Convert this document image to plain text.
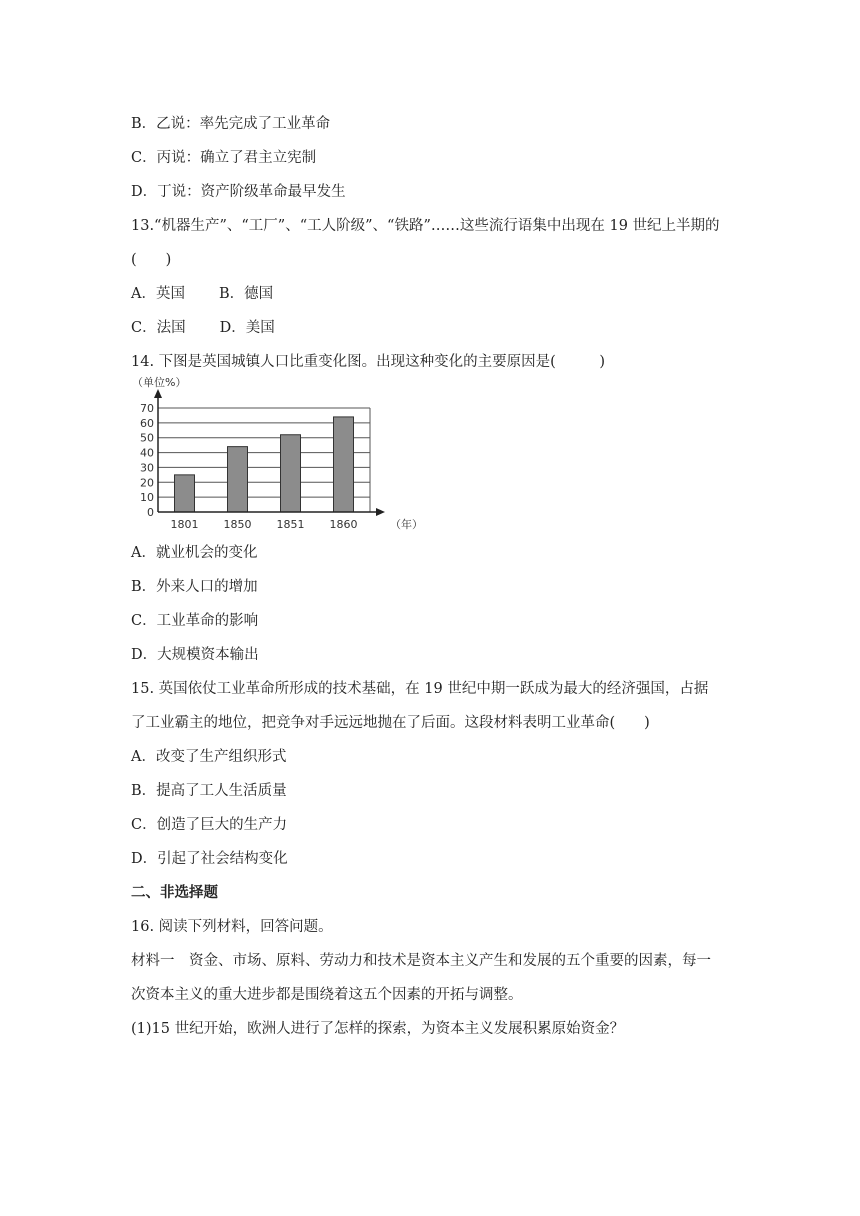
B．乙说：率先完成了工业革命
C．丙说：确立了君主立宪制
D．丁说：资产阶级革命最早发生
13.“机器生产”、“工厂”、“工人阶级”、“铁路”……这些流行语集中出现在 19 世纪上半期的
(　　)
A．英国 B．德国
C．法国 D．美国
14. 下图是英国城镇人口比重变化图。出现这种变化的主要原因是(　　　)
（单位%）
0
10
20
30
40
50
60
70
1801 1850 1851 1860	（年）
A．就业机会的变化
B．外来人口的增加
C．工业革命的影响
D．大规模资本输出
15. 英国依仗工业革命所形成的技术基础，在 19 世纪中期一跃成为最大的经济强国，占据
了工业霸主的地位，把竞争对手远远地抛在了后面。这段材料表明工业革命(　　)
A．改变了生产组织形式
B．提高了工人生活质量
C．创造了巨大的生产力
D．引起了社会结构变化
二、非选择题
16. 阅读下列材料，回答问题。
材料一　资金、市场、原料、劳动力和技术是资本主义产生和发展的五个重要的因素，每一
次资本主义的重大进步都是围绕着这五个因素的开拓与调整。
(1)15 世纪开始，欧洲人进行了怎样的探索，为资本主义发展积累原始资金？
